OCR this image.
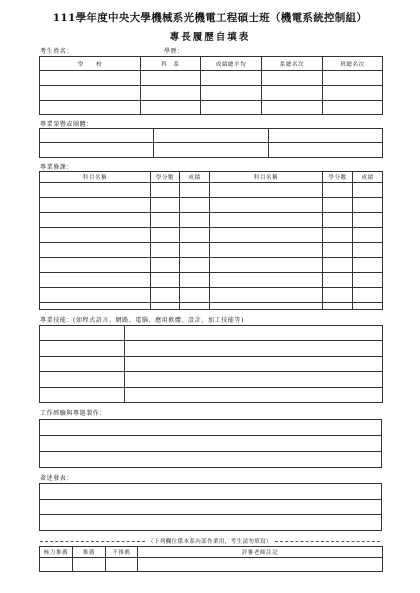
111學年度中央大學機械系光機電工程碩士班（機電系統控制組）
專長履歷自填表
考生姓名：	學歷：
學　　校	科　系	成績總平均	系總名次	班總名次

專業榮譽或團體：

專業修課：
科目名稱	學分數	成績	科目名稱	學分數	成績

專業技能：(如程式語言、網路、電腦、應用軟體、設計、加工技能等)

工作經驗與專題製作：

著述發表：

（下列欄位係本系內部作業用，考生請勿填寫）
極力推薦	推薦	不推薦	評審老師註記
